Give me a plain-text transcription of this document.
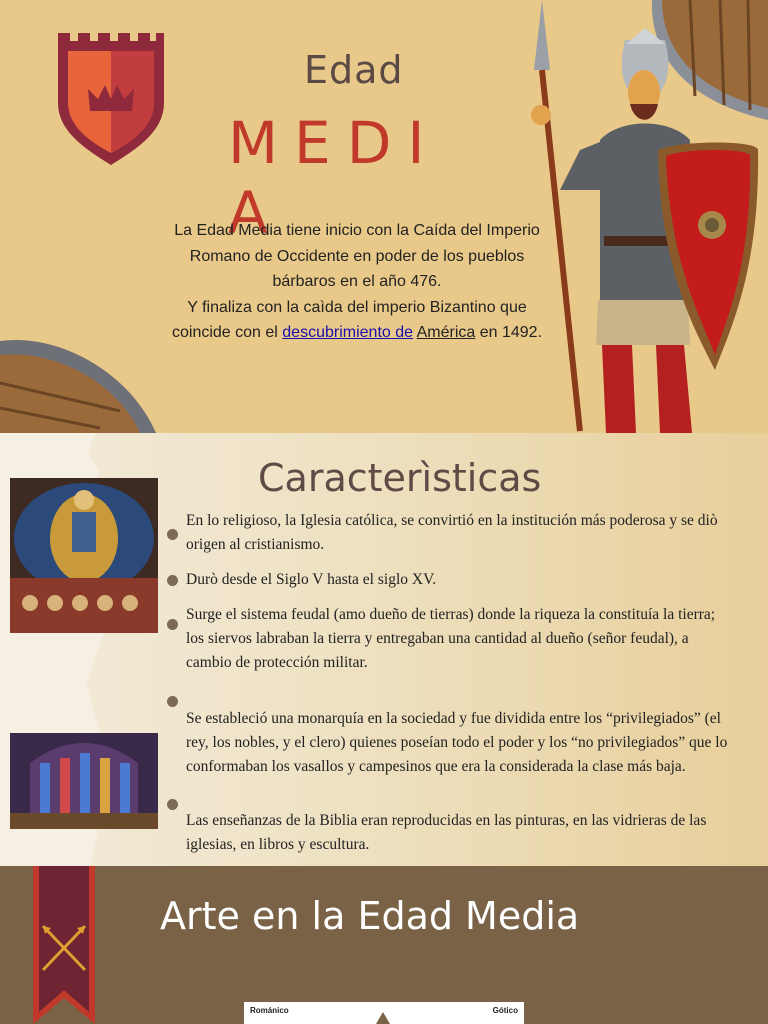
Edad
MEDIA
La Edad Media tiene inicio con la Caída del Imperio Romano de Occidente en poder de los pueblos bárbaros en el año 476.
Y finaliza con la caìda del imperio Bizantino que coincide con el descubrimiento de América en 1492.
Caracterìsticas
En lo religioso, la Iglesia católica, se convirtió en la institución más poderosa y se diò origen al cristianismo.
Durò desde el Siglo V hasta el siglo XV.
Surge el sistema feudal (amo dueño de tierras) donde la riqueza la constituía la tierra; los siervos labraban la tierra y entregaban una cantidad al dueño (señor feudal), a cambio de protección militar.
Se estableció una monarquía en la sociedad y fue dividida entre los “privilegiados” (el rey, los nobles, y el clero) quienes poseían todo el poder y los “no privilegiados” que lo conformaban los vasallos y campesinos que era la considerada la clase más baja.
Las enseñanzas de la Biblia eran reproducidas en las pinturas, en las vidrieras de las iglesias, en libros y escultura.
Arte en la Edad Media
Románico	Gótico
